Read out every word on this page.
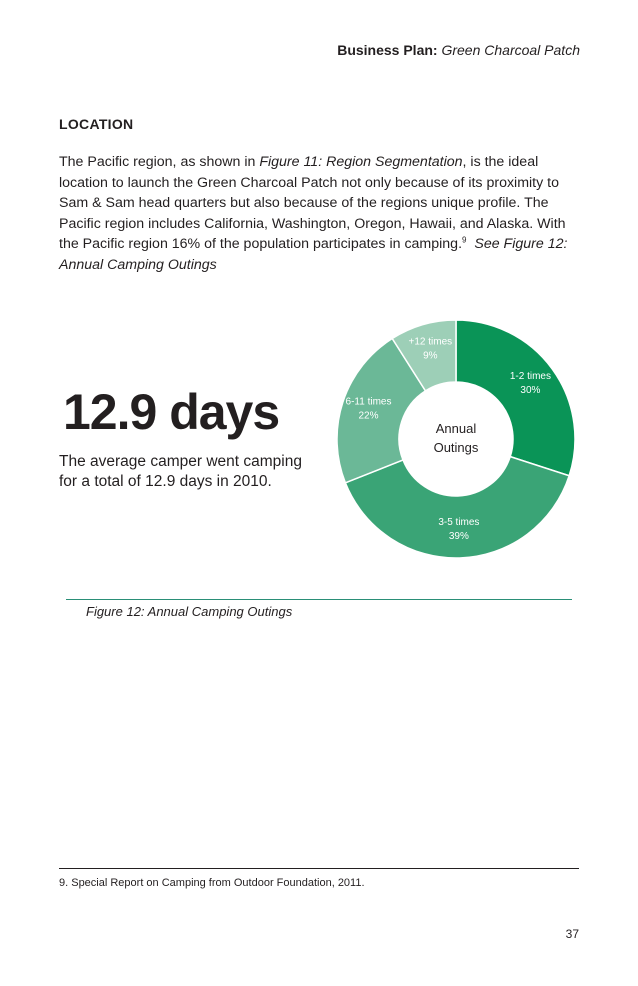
Business Plan: Green Charcoal Patch
LOCATION
The Pacific region, as shown in Figure 11: Region Segmentation, is the ideal location to launch the Green Charcoal Patch not only because of its proximity to Sam & Sam head quarters but also because of the regions unique profile. The Pacific region includes California, Washington, Oregon, Hawaii, and Alaska. With the Pacific region 16% of the population participates in camping.$^9$ See Figure 12: Annual Camping Outings
12.9 days
The average camper went camping for a total of 12.9 days in 2010.
1-2 times
30%
3-5 times
39%
6-11 times
22%
+12 times
9%
Annual
Outings
Figure 12: Annual Camping Outings
9. Special Report on Camping from Outdoor Foundation, 2011.
37
